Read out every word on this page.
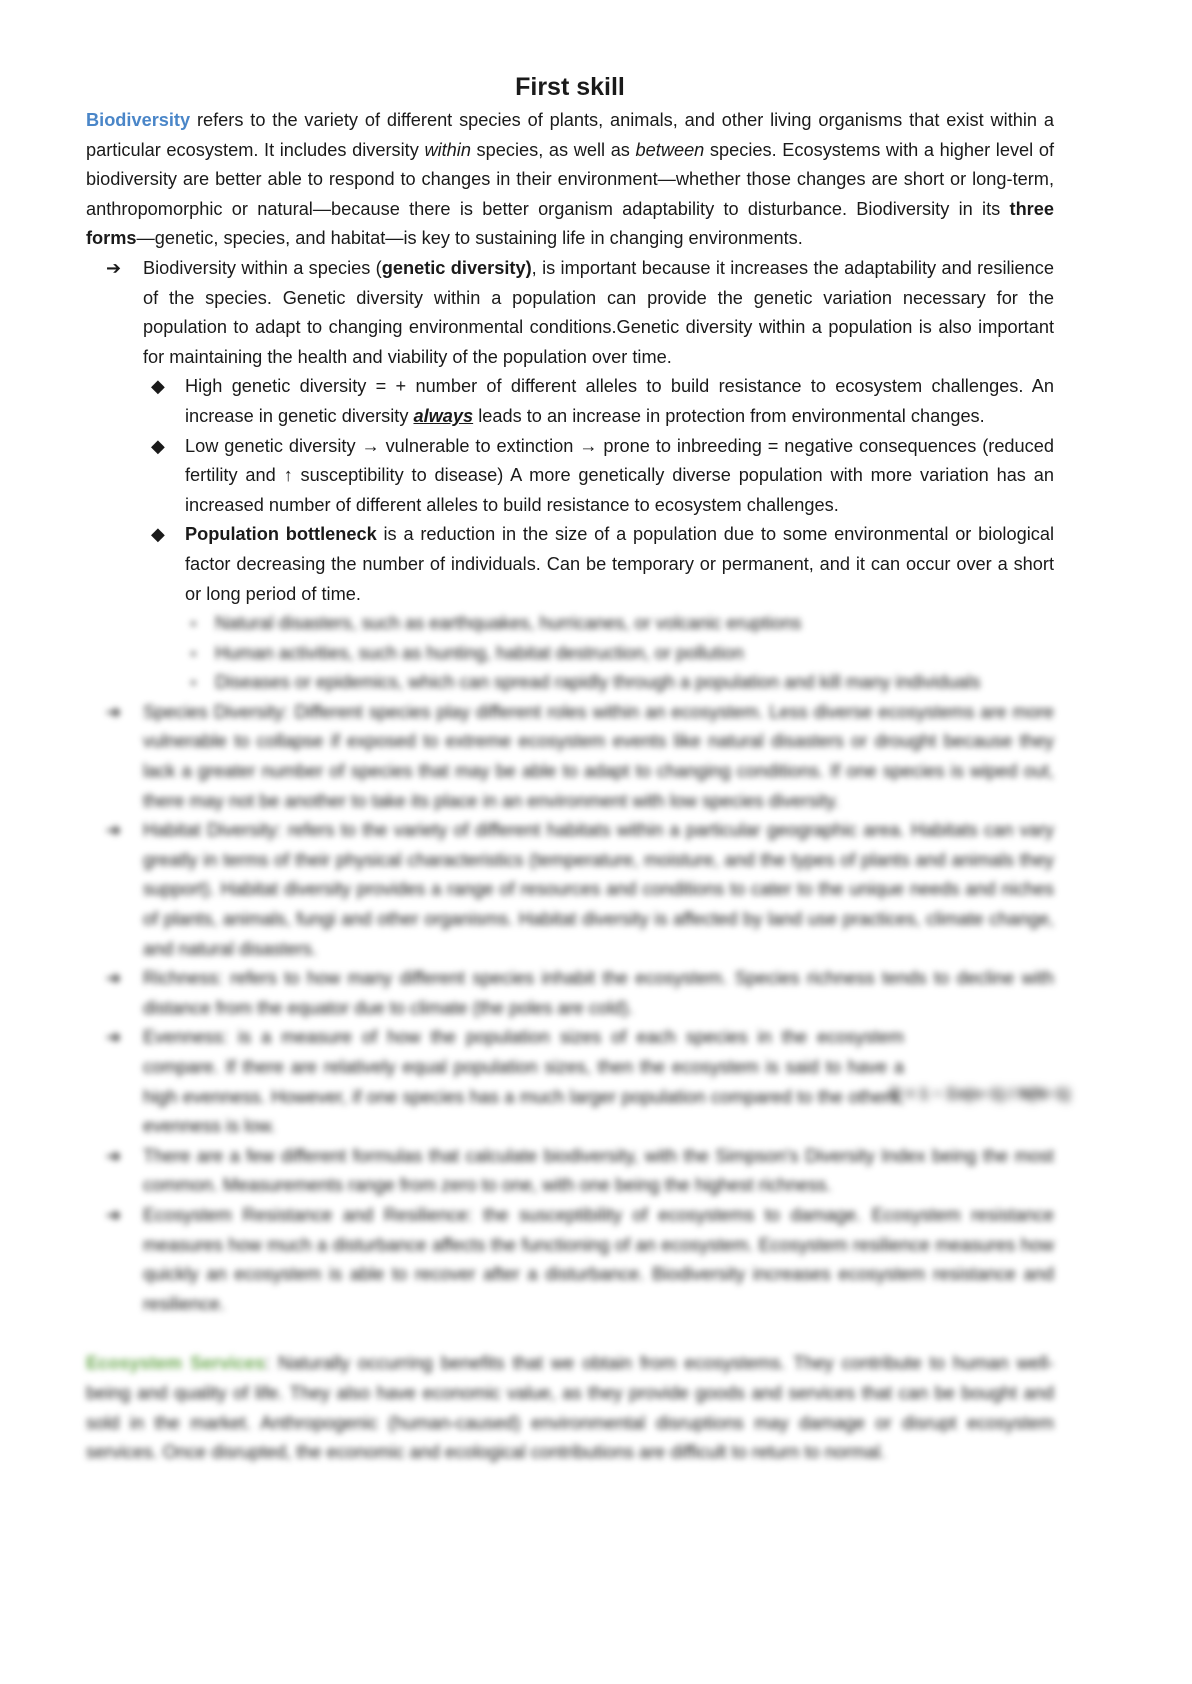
First skill

Biodiversity refers to the variety of different species of plants, animals, and other living organisms that exist within a particular ecosystem. It includes diversity within species, as well as between species. Ecosystems with a higher level of biodiversity are better able to respond to changes in their environment—whether those changes are short or long-term, anthropomorphic or natural—because there is better organism adaptability to disturbance. Biodiversity in its three forms—genetic, species, and habitat—is key to sustaining life in changing environments.

➔ Biodiversity within a species (genetic diversity), is important because it increases the adaptability and resilience of the species. Genetic diversity within a population can provide the genetic variation necessary for the population to adapt to changing environmental conditions.Genetic diversity within a population is also important for maintaining the health and viability of the population over time.

◆ High genetic diversity = + number of different alleles to build resistance to ecosystem challenges. An increase in genetic diversity always leads to an increase in protection from environmental changes.

◆ Low genetic diversity → vulnerable to extinction → prone to inbreeding = negative consequences (reduced fertility and ↑ susceptibility to disease) A more genetically diverse population with more variation has an increased number of different alleles to build resistance to ecosystem challenges.

◆ Population bottleneck is a reduction in the size of a population due to some environmental or biological factor decreasing the number of individuals. Can be temporary or permanent, and it can occur over a short or long period of time.

▪ Natural disasters, such as earthquakes, hurricanes, or volcanic eruptions

▪ Human activities, such as hunting, habitat destruction, or pollution

▪ Diseases or epidemics, which can spread rapidly through a population and kill many individuals

➔ Species Diversity: Different species play different roles within an ecosystem. Less diverse ecosystems are more vulnerable to collapse if exposed to extreme ecosystem events like natural disasters or drought because they lack a greater number of species that may be able to adapt to changing conditions. If one species is wiped out, there may not be another to take its place in an environment with low species diversity.

➔ Habitat Diversity: refers to the variety of different habitats within a particular geographic area. Habitats can vary greatly in terms of their physical characteristics (temperature, moisture, and the types of plants and animals they support). Habitat diversity provides a range of resources and conditions to cater to the unique needs and niches of plants, animals, fungi and other organisms. Habitat diversity is affected by land use practices, climate change, and natural disasters.

➔ Richness: refers to how many different species inhabit the ecosystem. Species richness tends to decline with distance from the equator due to climate (the poles are cold).

➔ Evenness: is a measure of how the population sizes of each species in the ecosystem compare. If there are relatively equal population sizes, then the ecosystem is said to have a high evenness. However, if one species has a much larger population compared to the others, evenness is low.

D = 1 − Σn(n−1) / N(N−1)
➔ There are a few different formulas that calculate biodiversity, with the Simpson's Diversity Index being the most common. Measurements range from zero to one, with one being the highest richness.

➔ Ecosystem Resistance and Resilience: the susceptibility of ecosystems to damage. Ecosystem resistance measures how much a disturbance affects the functioning of an ecosystem. Ecosystem resilience measures how quickly an ecosystem is able to recover after a disturbance. Biodiversity increases ecosystem resistance and resilience.

Ecosystem Services: Naturally occurring benefits that we obtain from ecosystems. They contribute to human well-being and quality of life. They also have economic value, as they provide goods and services that can be bought and sold in the market. Anthropogenic (human-caused) environmental disruptions may damage or disrupt ecosystem services. Once disrupted, the economic and ecological contributions are difficult to return to normal.
